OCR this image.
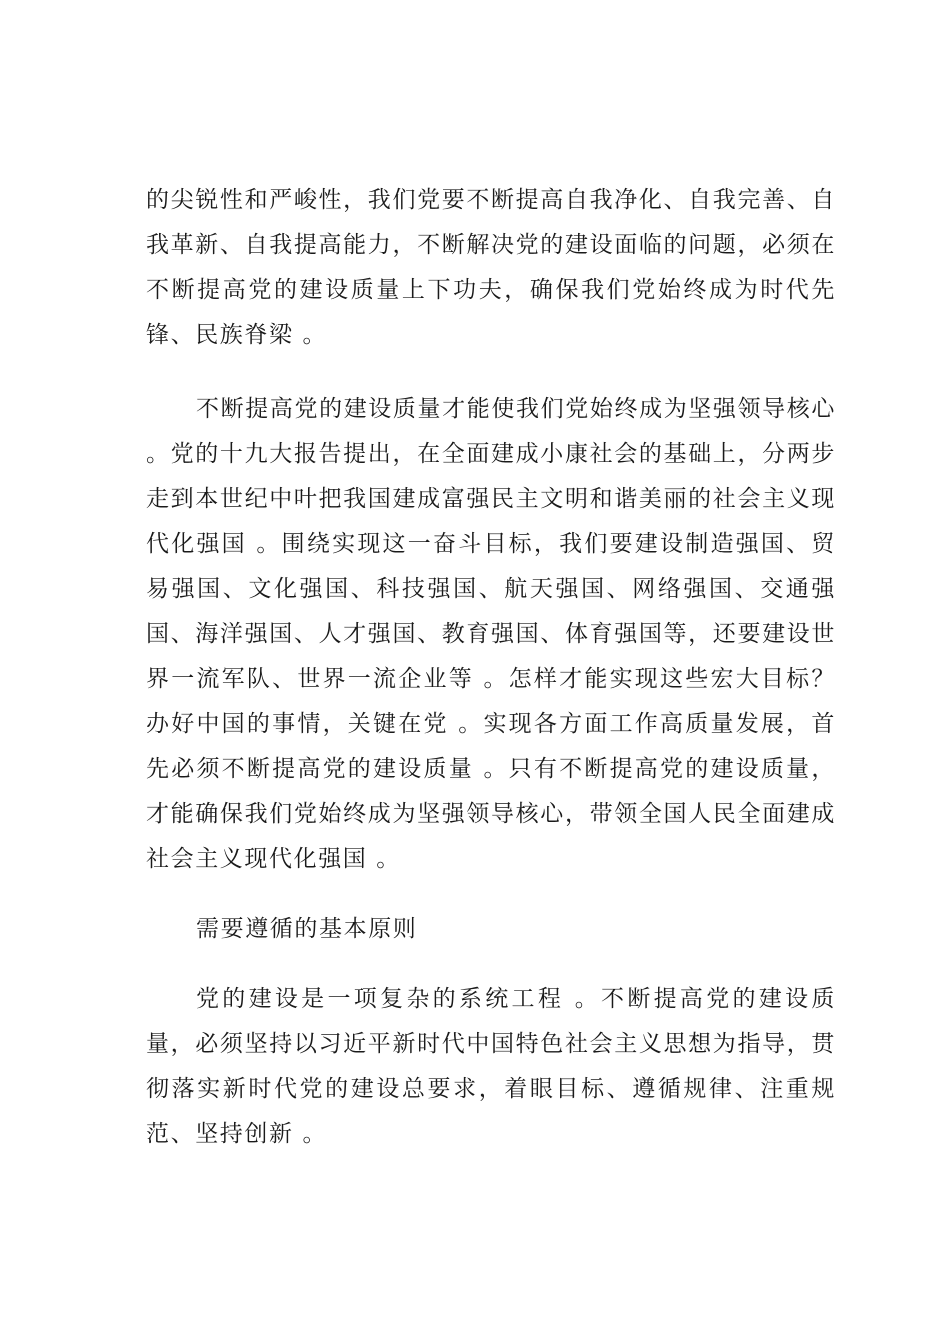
的尖锐性和严峻性，我们党要不断提高自我净化、自我完善、自我革新、自我提高能力，不断解决党的建设面临的问题，必须在不断提高党的建设质量上下功夫，确保我们党始终成为时代先锋、民族脊梁 。

不断提高党的建设质量才能使我们党始终成为坚强领导核心 。党的十九大报告提出，在全面建成小康社会的基础上，分两步走到本世纪中叶把我国建成富强民主文明和谐美丽的社会主义现代化强国 。围绕实现这一奋斗目标，我们要建设制造强国、贸易强国、文化强国、科技强国、航天强国、网络强国、交通强国、海洋强国、人才强国、教育强国、体育强国等，还要建设世界一流军队、世界一流企业等 。怎样才能实现这些宏大目标？办好中国的事情，关键在党 。实现各方面工作高质量发展，首先必须不断提高党的建设质量 。只有不断提高党的建设质量，才能确保我们党始终成为坚强领导核心，带领全国人民全面建成社会主义现代化强国 。

需要遵循的基本原则

党的建设是一项复杂的系统工程 。不断提高党的建设质量，必须坚持以习近平新时代中国特色社会主义思想为指导，贯彻落实新时代党的建设总要求，着眼目标、遵循规律、注重规范、坚持创新 。
